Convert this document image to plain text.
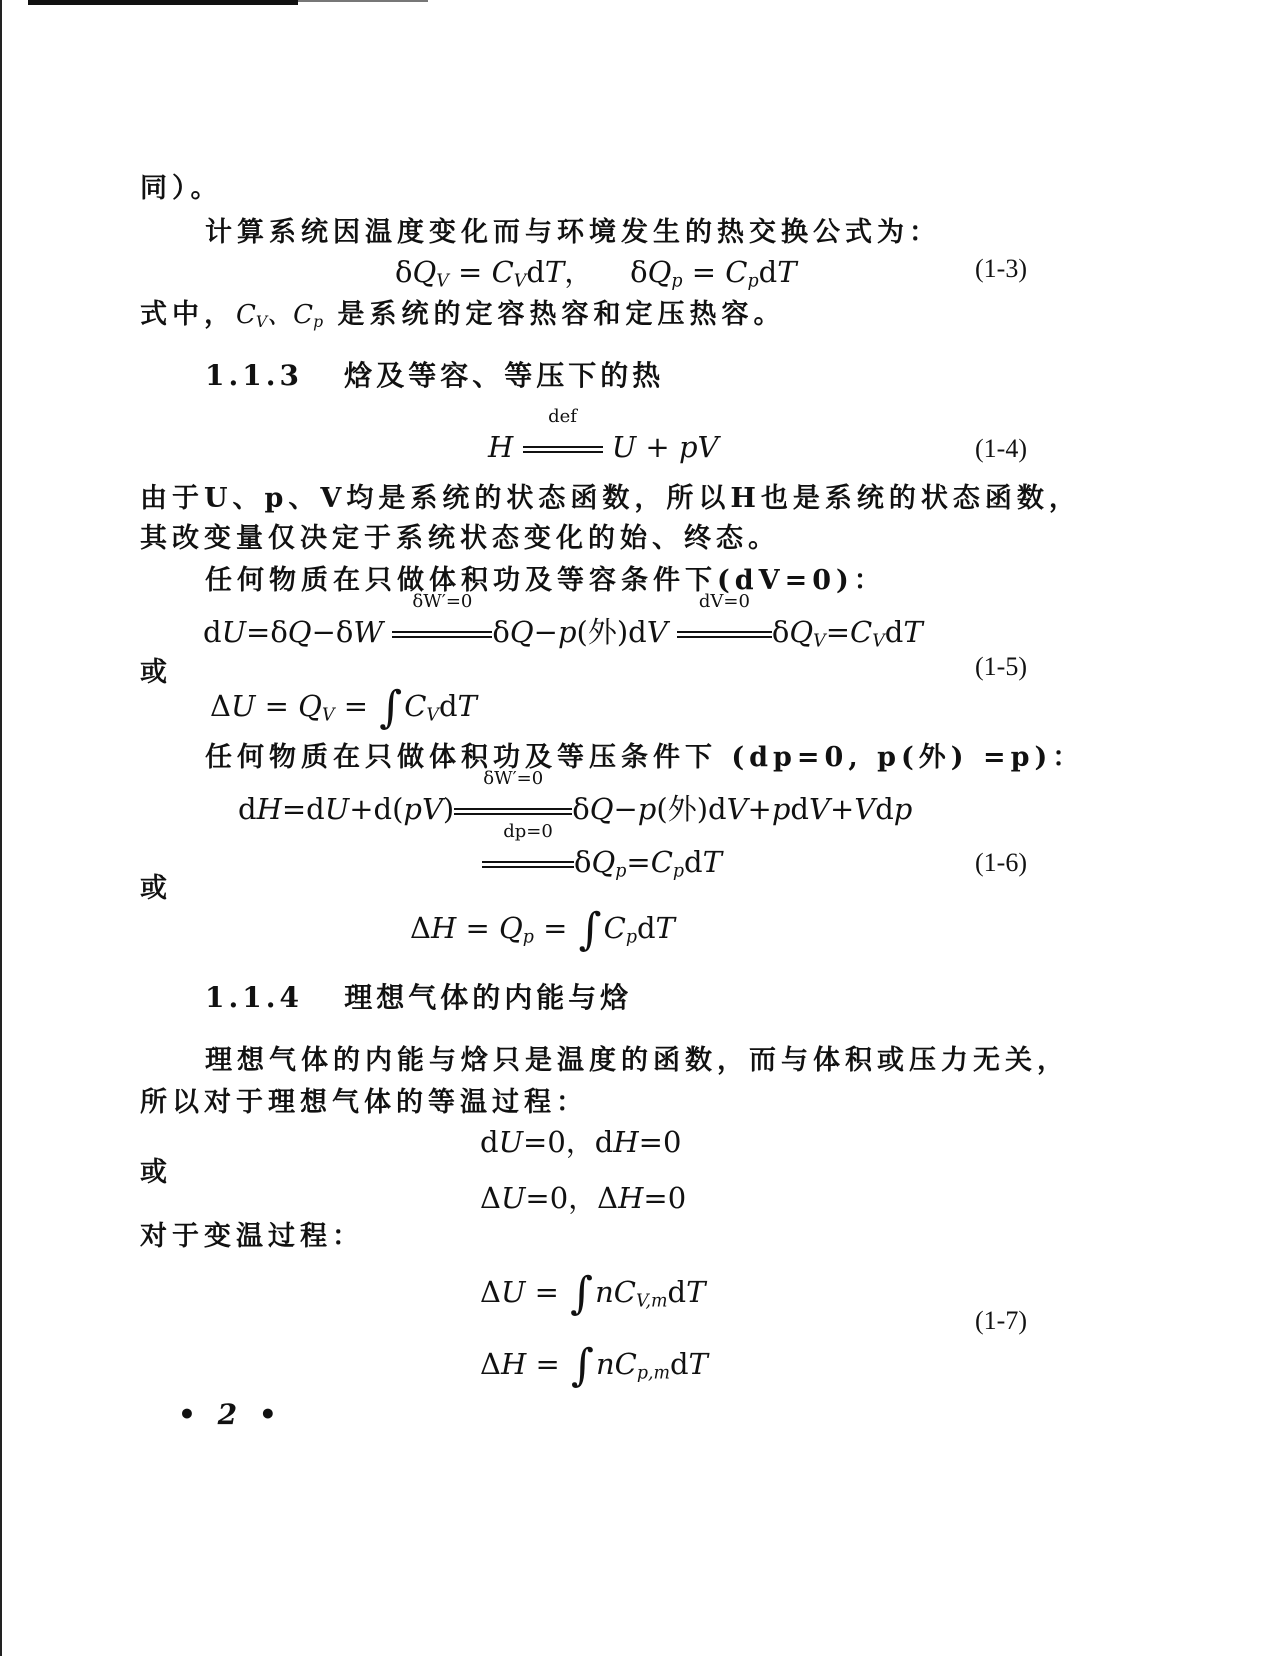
同）。
计算系统因温度变化而与环境发生的热交换公式为：
$\delta Q_V = C_VdT$，    $\delta Q_p = C_pdT$	(1-3)
式中，$C_V$、$C_p$ 是系统的定容热容和定压热容。
1.1.3 焓及等容、等压下的热
H
def
U + pV	(1-4)
由于U、p、V均是系统的状态函数，所以H也是系统的状态函数，
其改变量仅决定于系统状态变化的始、终态。
任何物质在只做体积功及等容条件下(dV=0)：
dU=δQ−δW
δW′=0
δQ−p(外)dV
dV=0
$\delta Q_V=C_VdT$
或	(1-5)
$\Delta U = Q_V = \int C_VdT$
任何物质在只做体积功及等压条件下 (dp=0, p(外) =p)：
dH=dU+d(pV)
δW′=0
δQ−p(外)dV+pdV+Vdp
dp=0
$\delta Q_p=C_pdT$	(1-6)
或
$\Delta H = Q_p = \int C_pdT$
1.1.4 理想气体的内能与焓
理想气体的内能与焓只是温度的函数，而与体积或压力无关，
所以对于理想气体的等温过程：
dU=0，dH=0
或
ΔU=0，ΔH=0
对于变温过程：
$\Delta U = \int nC_{V,m}dT$
(1-7)
$\Delta H = \int nC_{p,m}dT$
• 2 •
